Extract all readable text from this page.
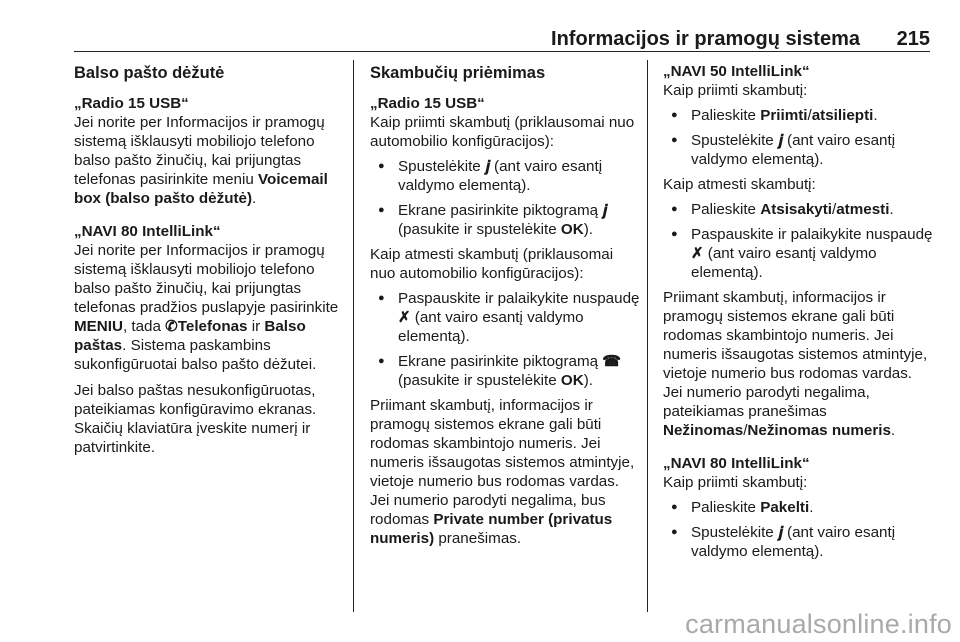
Informacijos ir pramogų sistema 215
Balso pašto dėžutė

„Radio 15 USB“

Jei norite per Informacijos ir pramogų sistemą išklausyti mobiliojo telefono balso pašto žinučių, kai prijungtas telefonas pasirinkite meniu Voicemail box (balso pašto dėžutė).

„NAVI 80 IntelliLink“

Jei norite per Informacijos ir pramogų sistemą išklausyti mobiliojo telefono balso pašto žinučių, kai prijungtas telefonas pradžios puslapyje pasirinkite MENIU, tada ✆Telefonas ir Balso paštas. Sistema paskambins sukonfigūruotai balso pašto dėžutei.

Jei balso paštas nesukonfigūruotas, pateikiamas konfigūravimo ekranas. Skaičių klaviatūra įveskite numerį ir patvirtinkite.

Skambučių priėmimas

„Radio 15 USB“

Kaip priimti skambutį (priklausomai nuo automobilio konfigūracijos):

● Spustelėkite 𝒋 (ant vairo esantį valdymo elementą).
● Ekrane pasirinkite piktogramą 𝒋 (pasukite ir spustelėkite OK).

Kaip atmesti skambutį (priklausomai nuo automobilio konfigūracijos):

● Paspauskite ir palaikykite nuspaudę ✗ (ant vairo esantį valdymo elementą).
● Ekrane pasirinkite piktogramą ☎ (pasukite ir spustelėkite OK).

Priimant skambutį, informacijos ir pramogų sistemos ekrane gali būti rodomas skambintojo numeris. Jei numeris išsaugotas sistemos atmintyje, vietoje numerio bus rodomas vardas. Jei numerio parodyti negalima, bus rodomas Private number (privatus numeris) pranešimas.

„NAVI 50 IntelliLink“

Kaip priimti skambutį:

● Palieskite Priimti/atsiliepti.
● Spustelėkite 𝒋 (ant vairo esantį valdymo elementą).

Kaip atmesti skambutį:

● Palieskite Atsisakyti/atmesti.
● Paspauskite ir palaikykite nuspaudę ✗ (ant vairo esantį valdymo elementą).

Priimant skambutį, informacijos ir pramogų sistemos ekrane gali būti rodomas skambintojo numeris. Jei numeris išsaugotas sistemos atmintyje, vietoje numerio bus rodomas vardas. Jei numerio parodyti negalima, pateikiamas pranešimas Nežinomas/Nežinomas numeris.

„NAVI 80 IntelliLink“

Kaip priimti skambutį:

● Palieskite Pakelti.
● Spustelėkite 𝒋 (ant vairo esantį valdymo elementą).
carmanualsonline.info
